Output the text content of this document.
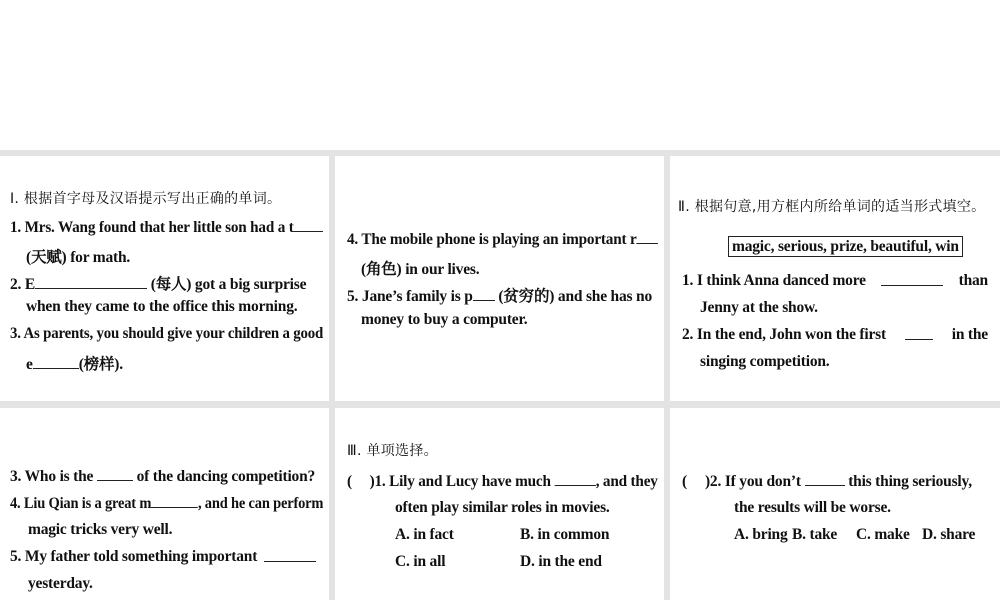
Ⅰ. 根据首字母及汉语提示写出正确的单词。
1. Mrs. Wang found that her little son had a t
(天赋) for math.
2. E	(每人) got a big surprise
when they came to the office this morning.
3. As parents, you should give your children a good
e	(榜样).
4. The mobile phone is playing an important r
(角色) in our lives.
5. Jane’s family is p (贫穷的) and she has no
money to buy a computer.
Ⅱ. 根据句意,用方框内所给单词的适当形式填空。
magic, serious, prize, beautiful, win
1. I think Anna danced more	than
Jenny at the show.
2. In the end, John won the first	in the
singing competition.
3. Who is the	of the dancing competition?
4. Liu Qian is a great m	, and he can perform
magic tricks very well.
5. My father told something important
yesterday.
Ⅲ. 单项选择。
( )1. Lily and Lucy have much	, and they
often play similar roles in movies.
A. in fact	B. in common
C. in all	D. in the end
( )2. If you don’t	this thing seriously,
the results will be worse.
A. bring B. take C. make D. share
